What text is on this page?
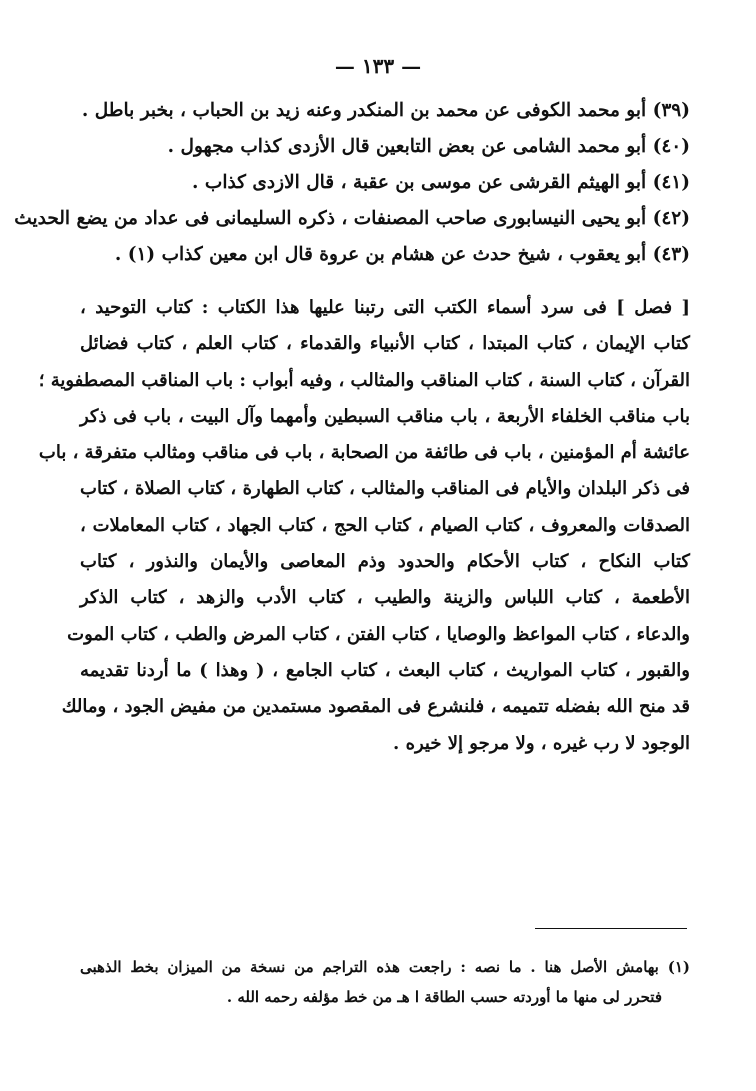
— ١٣٣ —
(٣٩) أبو محمد الكوفى عن محمد بن المنكدر وعنه زيد بن الحباب ، بخبر باطل .
(٤٠) أبو محمد الشامى عن بعض التابعين قال الأزدى كذاب مجهول .
(٤١) أبو الهيثم القرشى عن موسى بن عقبة ، قال الازدى كذاب .
(٤٢) أبو يحيى النيسابورى صاحب المصنفات ، ذكره السليمانى فى عداد من يضع الحديث
(٤٣) أبو يعقوب ، شيخ حدث عن هشام بن عروة قال ابن معين كذاب (١) .
[ فصل ] فى سرد أسماء الكتب التى رتبنا عليها هذا الكتاب : كتاب التوحيد ،
كتاب الإيمان ، كتاب المبتدا ، كتاب الأنبياء والقدماء ، كتاب العلم ، كتاب فضائل
القرآن ، كتاب السنة ، كتاب المناقب والمثالب ، وفيه أبواب : باب المناقب المصطفوية ؛
باب مناقب الخلفاء الأربعة ، باب مناقب السبطين وأمهما وآل البيت ، باب فى ذكر
عائشة أم المؤمنين ، باب فى طائفة من الصحابة ، باب فى مناقب ومثالب متفرقة ، باب
فى ذكر البلدان والأيام فى المناقب والمثالب ، كتاب الطهارة ، كتاب الصلاة ، كتاب
الصدقات والمعروف ، كتاب الصيام ، كتاب الحج ، كتاب الجهاد ، كتاب المعاملات ،
كتاب النكاح ، كتاب الأحكام والحدود وذم المعاصى والأيمان والنذور ، كتاب
الأطعمة ، كتاب اللباس والزينة والطيب ، كتاب الأدب والزهد ، كتاب الذكر
والدعاء ، كتاب المواعظ والوصايا ، كتاب الفتن ، كتاب المرض والطب ، كتاب الموت
والقبور ، كتاب المواريث ، كتاب البعث ، كتاب الجامع ، ( وهذا ) ما أردنا تقديمه
قد منح الله بفضله تتميمه ، فلنشرع فى المقصود مستمدين من مفيض الجود ، ومالك
الوجود لا رب غيره ، ولا مرجو إلا خيره .
(١) بهامش الأصل هنا . ما نصه : راجعت هذه التراجم من نسخة من الميزان بخط الذهبى
فتحرر لى منها ما أوردته حسب الطاقة ا هـ من خط مؤلفه رحمه الله .
